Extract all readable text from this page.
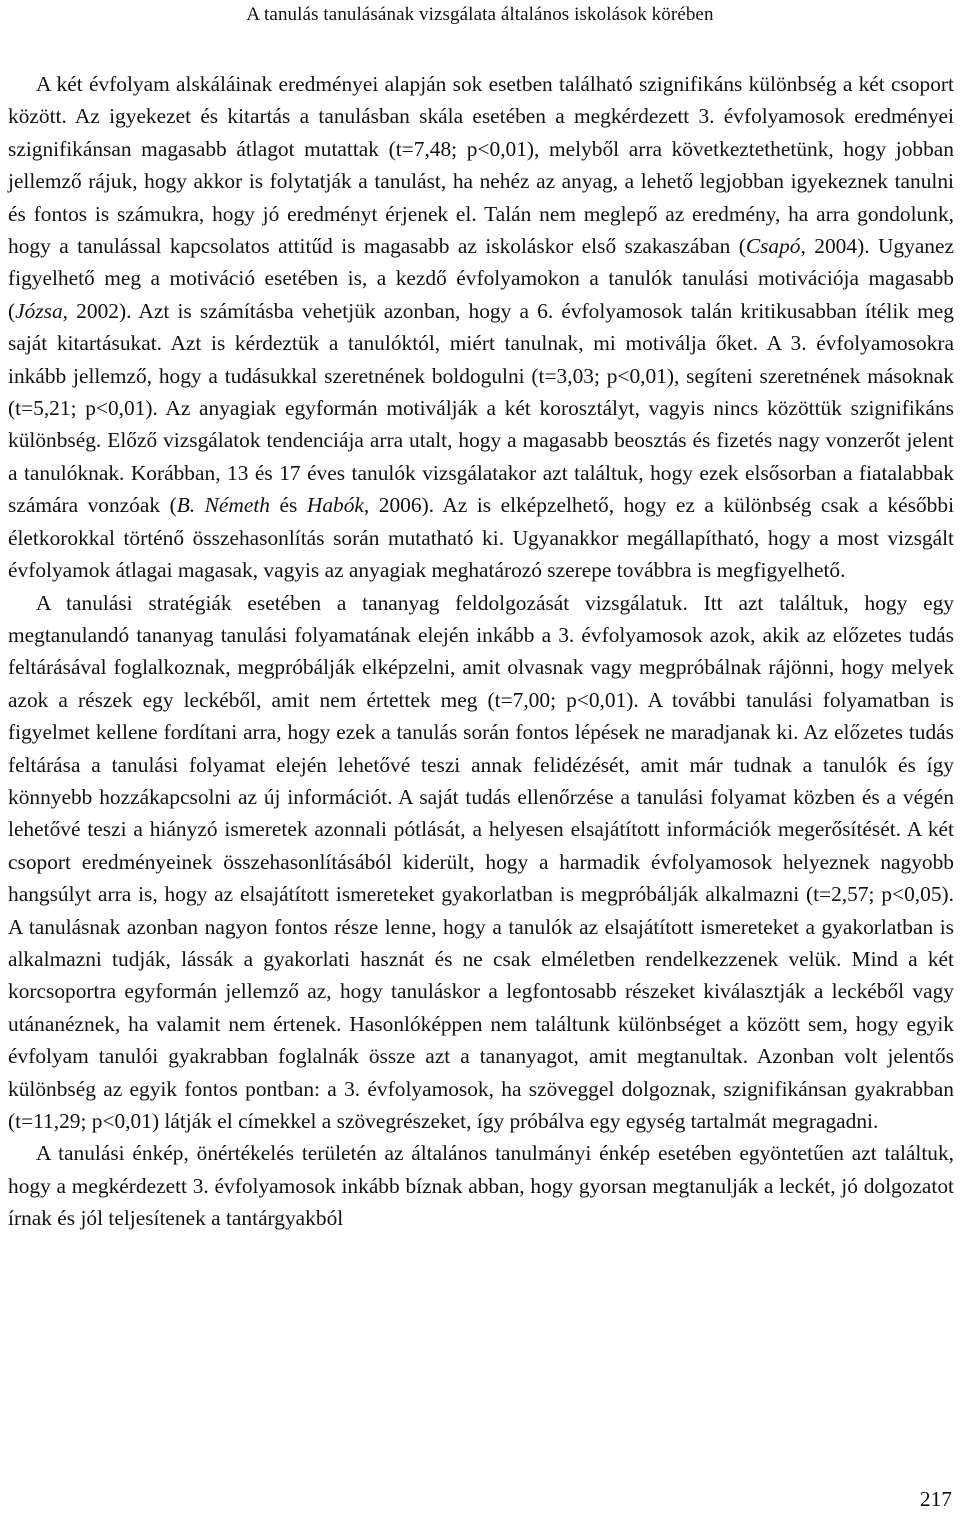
A tanulás tanulásának vizsgálata általános iskolások körében

A két évfolyam alskáláinak eredményei alapján sok esetben található szignifikáns különbség a két csoport között. Az igyekezet és kitartás a tanulásban skála esetében a megkérdezett 3. évfolyamosok eredményei szignifikánsan magasabb átlagot mutattak (t=7,48; p<0,01), melyből arra következtethetünk, hogy jobban jellemző rájuk, hogy akkor is folytatják a tanulást, ha nehéz az anyag, a lehető legjobban igyekeznek tanulni és fontos is számukra, hogy jó eredményt érjenek el. Talán nem meglepő az eredmény, ha arra gondolunk, hogy a tanulással kapcsolatos attitűd is magasabb az iskoláskor első szakaszában (Csapó, 2004). Ugyanez figyelhető meg a motiváció esetében is, a kezdő évfolyamokon a tanulók tanulási motivációja magasabb (Józsa, 2002). Azt is számításba vehetjük azonban, hogy a 6. évfolyamosok talán kritikusabban ítélik meg saját kitartásukat. Azt is kérdeztük a tanulóktól, miért tanulnak, mi motiválja őket. A 3. évfolyamosokra inkább jellemző, hogy a tudásukkal szeretnének boldogulni (t=3,03; p<0,01), segíteni szeretnének másoknak (t=5,21; p<0,01). Az anyagiak egyformán motiválják a két korosztályt, vagyis nincs közöttük szignifikáns különbség. Előző vizsgálatok tendenciája arra utalt, hogy a magasabb beosztás és fizetés nagy vonzerőt jelent a tanulóknak. Korábban, 13 és 17 éves tanulók vizsgálatakor azt találtuk, hogy ezek elsősorban a fiatalabbak számára vonzóak (B. Németh és Habók, 2006). Az is elképzelhető, hogy ez a különbség csak a későbbi életkorokkal történő összehasonlítás során mutatható ki. Ugyanakkor megállapítható, hogy a most vizsgált évfolyamok átlagai magasak, vagyis az anyagiak meghatározó szerepe továbbra is megfigyelhető.

A tanulási stratégiák esetében a tananyag feldolgozását vizsgálatuk. Itt azt találtuk, hogy egy megtanulandó tananyag tanulási folyamatának elején inkább a 3. évfolyamosok azok, akik az előzetes tudás feltárásával foglalkoznak, megpróbálják elképzelni, amit olvasnak vagy megpróbálnak rájönni, hogy melyek azok a részek egy leckéből, amit nem értettek meg (t=7,00; p<0,01). A további tanulási folyamatban is figyelmet kellene fordítani arra, hogy ezek a tanulás során fontos lépések ne maradjanak ki. Az előzetes tudás feltárása a tanulási folyamat elején lehetővé teszi annak felidézését, amit már tudnak a tanulók és így könnyebb hozzákapcsolni az új információt. A saját tudás ellenőrzése a tanulási folyamat közben és a végén lehetővé teszi a hiányzó ismeretek azonnali pótlását, a helyesen elsajátított információk megerősítését. A két csoport eredményeinek összehasonlításából kiderült, hogy a harmadik évfolyamosok helyeznek nagyobb hangsúlyt arra is, hogy az elsajátított ismereteket gyakorlatban is megpróbálják alkalmazni (t=2,57; p<0,05). A tanulásnak azonban nagyon fontos része lenne, hogy a tanulók az elsajátított ismereteket a gyakorlatban is alkalmazni tudják, lássák a gyakorlati hasznát és ne csak elméletben rendelkezzenek velük. Mind a két korcsoportra egyformán jellemző az, hogy tanuláskor a legfontosabb részeket kiválasztják a leckéből vagy utánanéznek, ha valamit nem értenek. Hasonlóképpen nem találtunk különbséget a között sem, hogy egyik évfolyam tanulói gyakrabban foglalnák össze azt a tananyagot, amit megtanultak. Azonban volt jelentős különbség az egyik fontos pontban: a 3. évfolyamosok, ha szöveggel dolgoznak, szignifikánsan gyakrabban (t=11,29; p<0,01) látják el címekkel a szövegrészeket, így próbálva egy egység tartalmát megragadni.

A tanulási énkép, önértékelés területén az általános tanulmányi énkép esetében egyöntetűen azt találtuk, hogy a megkérdezett 3. évfolyamosok inkább bíznak abban, hogy gyorsan megtanulják a leckét, jó dolgozatot írnak és jól teljesítenek a tantárgyakból

217
